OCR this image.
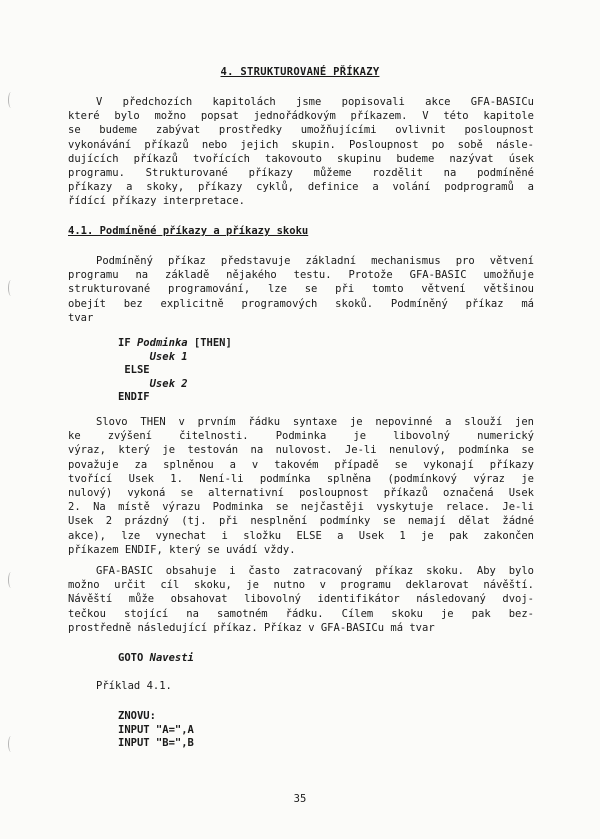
4. STRUKTUROVANÉ PŘÍKAZY

V předchozích kapitolách jsme popisovali akce GFA-BASICu
které bylo možno popsat jednořádkovým příkazem. V této kapitole
se budeme zabývat prostředky umožňujícími ovlivnit posloupnost
vykonávání příkazů nebo jejich skupin. Posloupnost po sobě násle-
dujících příkazů tvořících takovouto skupinu budeme nazývat úsek
programu. Strukturované příkazy můžeme rozdělit na podmíněné
příkazy a skoky, příkazy cyklů, definice a volání podprogramů a
řídící příkazy interpretace.

4.1. Podmíněné příkazy a příkazy skoku

Podmíněný příkaz představuje základní mechanismus pro větvení
programu na základě nějakého testu. Protože GFA-BASIC umožňuje
strukturované programování, lze se při tomto větvení většinou
obejít bez explicitně programových skoků. Podmíněný příkaz má
tvar

IF Podminka [THEN]
Usek 1
ELSE
Usek 2
ENDIF

Slovo THEN v prvním řádku syntaxe je nepovinné a slouží jen
ke zvýšení čitelnosti. Podminka je libovolný numerický
výraz, který je testován na nulovost. Je-li nenulový, podmínka se
považuje za splněnou a v takovém případě se vykonají příkazy
tvořící Usek 1. Není-li podmínka splněna (podmínkový výraz je
nulový) vykoná se alternativní posloupnost příkazů označená Usek
2. Na místě výrazu Podminka se nejčastěji vyskytuje relace. Je-li
Usek 2 prázdný (tj. při nesplnění podmínky se nemají dělat žádné
akce), lze vynechat i složku ELSE a Usek 1 je pak zakončen
příkazem ENDIF, který se uvádí vždy.

GFA-BASIC obsahuje i často zatracovaný příkaz skoku. Aby bylo
možno určit cíl skoku, je nutno v programu deklarovat návěští.
Návěští může obsahovat libovolný identifikátor následovaný dvoj-
tečkou stojící na samotném řádku. Cílem skoku je pak bez-
prostředně následující příkaz. Příkaz v GFA-BASICu má tvar

GOTO Navesti
Příklad 4.1.
ZNOVU:
INPUT "A=",A
INPUT "B=",B
35
